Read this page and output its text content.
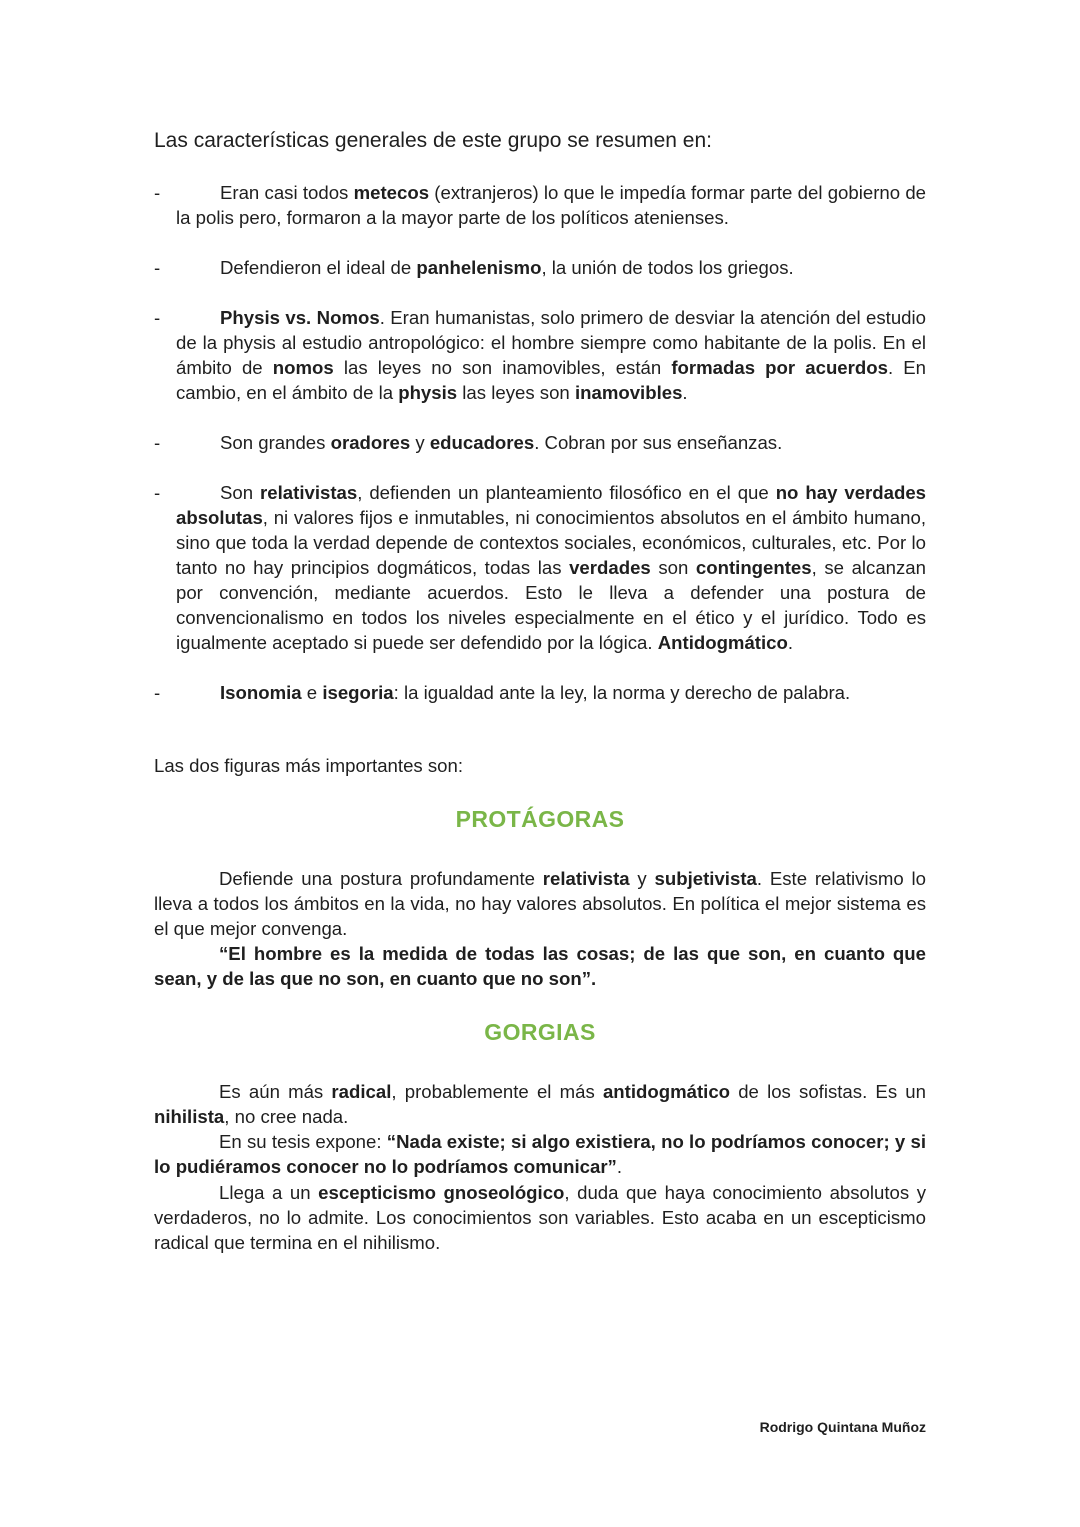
Las características generales de este grupo se resumen en:

-	Eran casi todos metecos (extranjeros) lo que le impedía formar parte del gobierno de la polis pero, formaron a la mayor parte de los políticos atenienses.
-	Defendieron el ideal de panhelenismo, la unión de todos los griegos.
-	Physis vs. Nomos. Eran humanistas, solo primero de desviar la atención del estudio de la physis al estudio antropológico: el hombre siempre como habitante de la polis. En el ámbito de nomos las leyes no son inamovibles, están formadas por acuerdos. En cambio, en el ámbito de la physis las leyes son inamovibles.
-	Son grandes oradores y educadores. Cobran por sus enseñanzas.
-	Son relativistas, defienden un planteamiento filosófico en el que no hay verdades absolutas, ni valores fijos e inmutables, ni conocimientos absolutos en el ámbito humano, sino que toda la verdad depende de contextos sociales, económicos, culturales, etc. Por lo tanto no hay principios dogmáticos, todas las verdades son contingentes, se alcanzan por convención, mediante acuerdos. Esto le lleva a defender una postura de convencionalismo en todos los niveles especialmente en el ético y el jurídico. Todo es igualmente aceptado si puede ser defendido por la lógica. Antidogmático.
-	Isonomia e isegoria: la igualdad ante la ley, la norma y derecho de palabra.

Las dos figuras más importantes son:

PROTÁGORAS

Defiende una postura profundamente relativista y subjetivista. Este relativismo lo lleva a todos los ámbitos en la vida, no hay valores absolutos. En política el mejor sistema es el que mejor convenga.

“El hombre es la medida de todas las cosas; de las que son, en cuanto que sean, y de las que no son, en cuanto que no son”.

GORGIAS

Es aún más radical, probablemente el más antidogmático de los sofistas. Es un nihilista, no cree nada.

En su tesis expone: “Nada existe; si algo existiera, no lo podríamos conocer; y si lo pudiéramos conocer no lo podríamos comunicar”.

Llega a un escepticismo gnoseológico, duda que haya conocimiento absolutos y verdaderos, no lo admite. Los conocimientos son variables. Esto acaba en un escepticismo radical que termina en el nihilismo.

Rodrigo Quintana Muñoz
